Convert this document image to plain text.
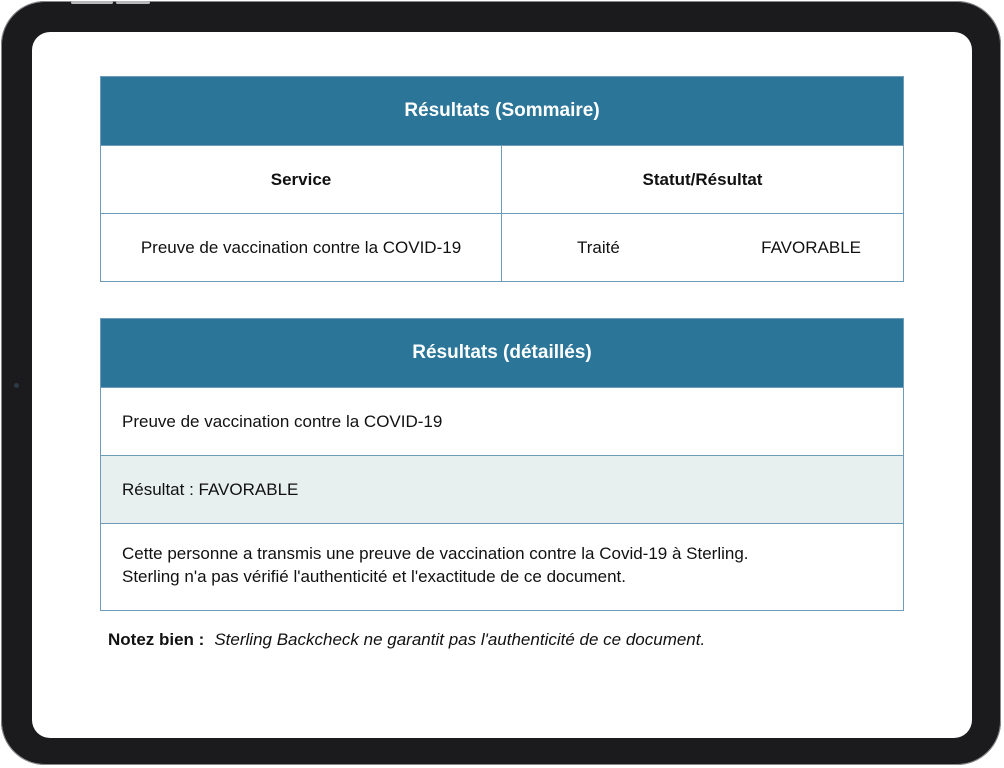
Résultats (Sommaire)
Service	Statut/Résultat
Preuve de vaccination contre la COVID-19	Traité	FAVORABLE
Résultats (détaillés)
Preuve de vaccination contre la COVID-19
Résultat : FAVORABLE
Cette personne a transmis une preuve de vaccination contre la Covid-19 à Sterling.
Sterling n'a pas vérifié l'authenticité et l'exactitude de ce document.
Notez bien : Sterling Backcheck ne garantit pas l'authenticité de ce document.
